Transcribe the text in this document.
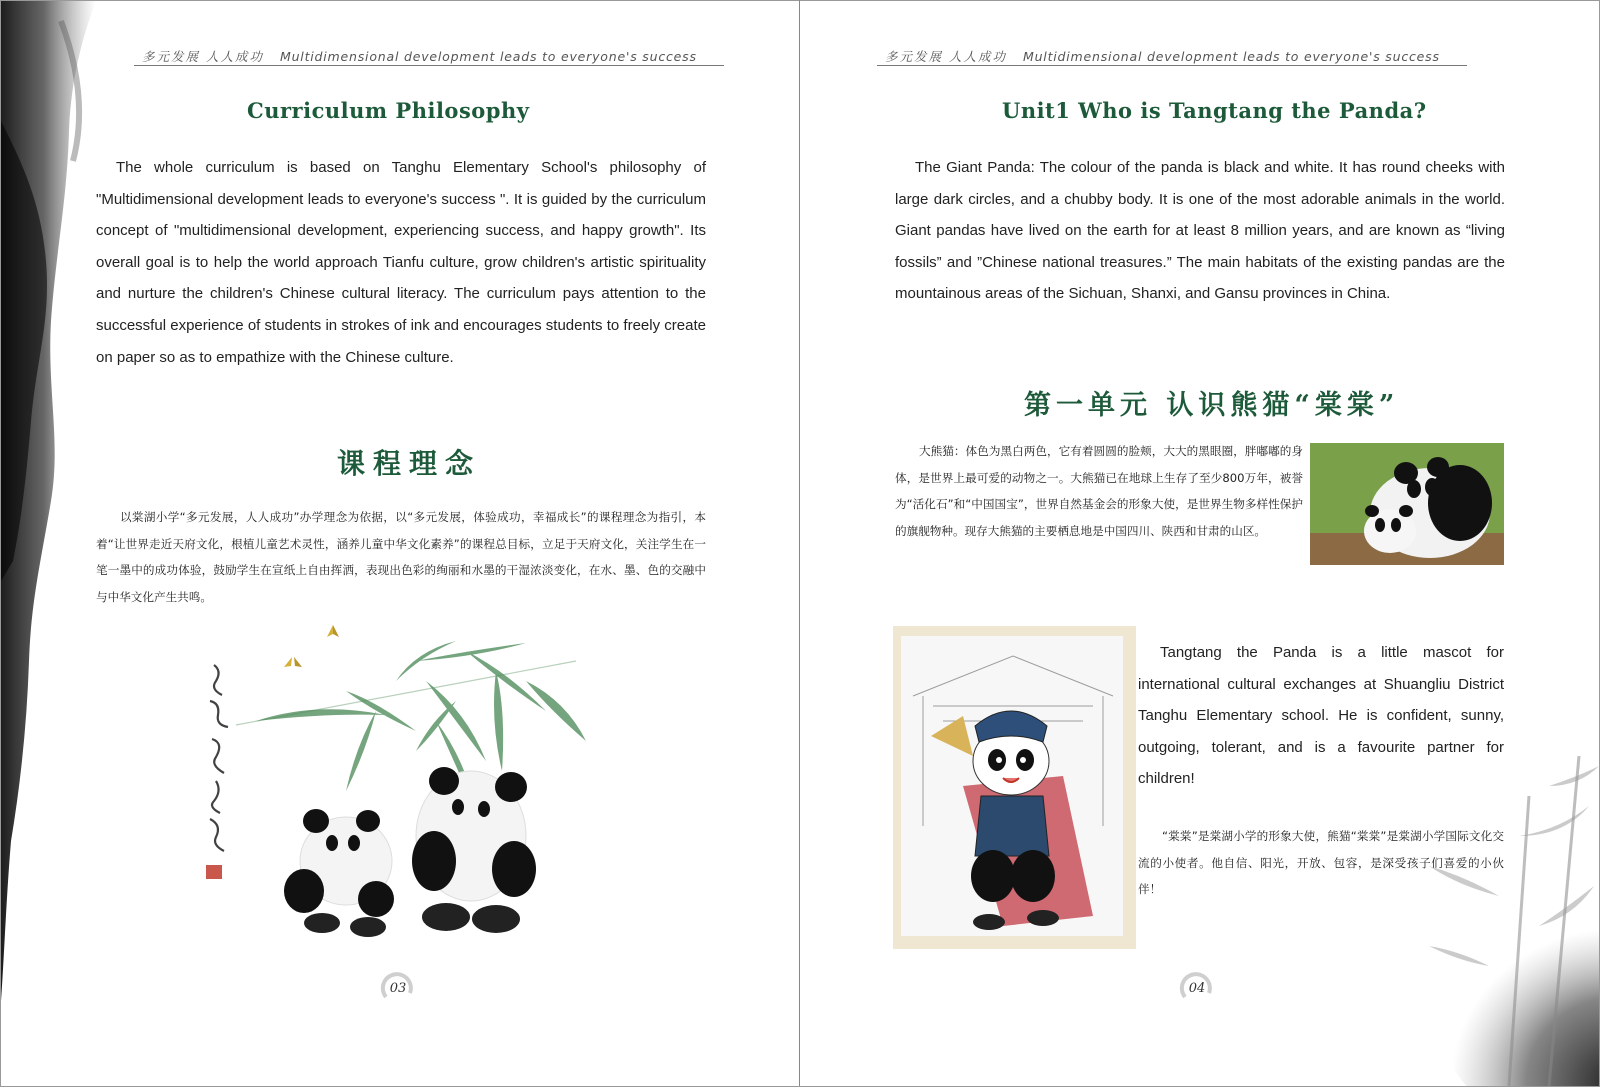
多元发展 人人成功 Multidimensional development leads to everyone's success
Curriculum Philosophy

The whole curriculum is based on Tanghu Elementary School's philosophy of "Multidimensional development leads to everyone's success ". It is guided by the curriculum concept of "multidimensional development, experiencing success, and happy growth". Its overall goal is to help the world approach Tianfu culture, grow children's artistic spirituality and nurture the children's Chinese cultural literacy. The curriculum pays attention to the successful experience of students in strokes of ink and encourages students to freely create on paper so as to empathize with the Chinese culture.

课程理念

以棠湖小学“多元发展，人人成功”办学理念为依据，以“多元发展，体验成功，幸福成长”的课程理念为指引，本着“让世界走近天府文化，根植儿童艺术灵性，涵养儿童中华文化素养”的课程总目标，立足于天府文化，关注学生在一笔一墨中的成功体验，鼓励学生在宣纸上自由挥洒，表现出色彩的绚丽和水墨的干湿浓淡变化，在水、墨、色的交融中与中华文化产生共鸣。

03
多元发展 人人成功 Multidimensional development leads to everyone's success
Unit1 Who is Tangtang the Panda?

The Giant Panda: The colour of the panda is black and white. It has round cheeks with large dark circles, and a chubby body. It is one of the most adorable animals in the world. Giant pandas have lived on the earth for at least 8 million years, and are known as “living fossils” and ”Chinese national treasures.” The main habitats of the existing pandas are the mountainous areas of the Sichuan, Shanxi, and Gansu provinces in China.

第一单元 认识熊猫“棠棠”

大熊猫：体色为黑白两色，它有着圆圆的脸颊，大大的黑眼圈，胖嘟嘟的身体，是世界上最可爱的动物之一。大熊猫已在地球上生存了至少800万年，被誉为“活化石”和“中国国宝”，世界自然基金会的形象大使，是世界生物多样性保护的旗舰物种。现存大熊猫的主要栖息地是中国四川、陕西和甘肃的山区。

Tangtang the Panda is a little mascot for international cultural exchanges at Shuangliu District Tanghu Elementary school. He is confident, sunny, outgoing, tolerant, and is a favourite partner for children!

“棠棠”是棠湖小学的形象大使，熊猫“棠棠”是棠湖小学国际文化交流的小使者。他自信、阳光，开放、包容，是深受孩子们喜爱的小伙伴！

04
